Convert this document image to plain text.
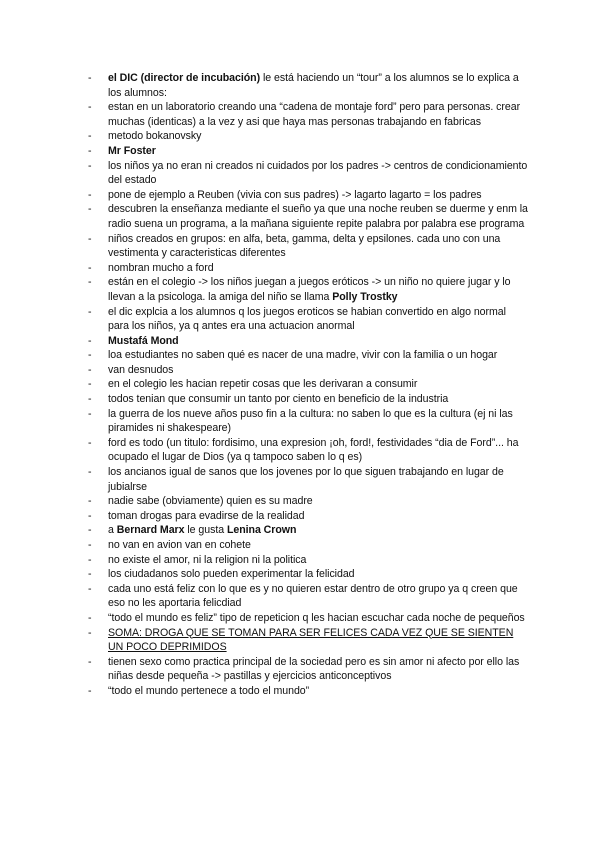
- el DIC (director de incubación) le está haciendo un “tour” a los alumnos se lo explica a los alumnos:
- estan en un laboratorio creando una “cadena de montaje ford” pero para personas. crear muchas (identicas) a la vez y asi que haya mas personas trabajando en fabricas
- metodo bokanovsky
- Mr Foster
- los niños ya no eran ni creados ni cuidados por los padres -> centros de condicionamiento del estado
- pone de ejemplo a Reuben (vivia con sus padres) -> lagarto lagarto = los padres
- descubren la enseñanza mediante el sueño ya que una noche reuben se duerme y enm la radio suena un programa, a la mañana siguiente repite palabra por palabra ese programa
- niños creados en grupos: en alfa, beta, gamma, delta y epsilones. cada uno con una vestimenta y caracteristicas diferentes
- nombran mucho a ford
- están en el colegio -> los niños juegan a juegos eróticos -> un niño no quiere jugar y lo llevan a la psicologa. la amiga del niño se llama Polly Trostky
- el dic explcia a los alumnos q los juegos eroticos se habian convertido en algo normal para los niños, ya q antes era una actuacion anormal
- Mustafá Mond
- loa estudiantes no saben qué es nacer de una madre, vivir con la familia o un hogar
- van desnudos
- en el colegio les hacian repetir cosas que les derivaran a consumir
- todos tenian que consumir un tanto por ciento en beneficio de la industria
- la guerra de los nueve años puso fin a la cultura: no saben lo que es la cultura (ej ni las piramides ni shakespeare)
- ford es todo (un titulo: fordisimo, una expresion ¡oh, ford!, festividades “dia de Ford”... ha ocupado el lugar de Dios (ya q tampoco saben lo q es)
- los ancianos igual de sanos que los jovenes por lo que siguen trabajando en lugar de jubialrse
- nadie sabe (obviamente) quien es su madre
- toman drogas para evadirse de la realidad
- a Bernard Marx le gusta Lenina Crown
- no van en avion van en cohete
- no existe el amor, ni la religion ni la politica
- los ciudadanos solo pueden experimentar la felicidad
- cada uno está feliz con lo que es y no quieren estar dentro de otro grupo ya q creen que eso no les aportaria felicdiad
- “todo el mundo es feliz” tipo de repeticion q les hacian escuchar cada noche de pequeños
- SOMA: DROGA QUE SE TOMAN PARA SER FELICES CADA VEZ QUE SE SIENTEN UN POCO DEPRIMIDOS
- tienen sexo como practica principal de la sociedad pero es sin amor ni afecto por ello las niñas desde pequeña -> pastillas y ejercicios anticonceptivos
- “todo el mundo pertenece a todo el mundo”
